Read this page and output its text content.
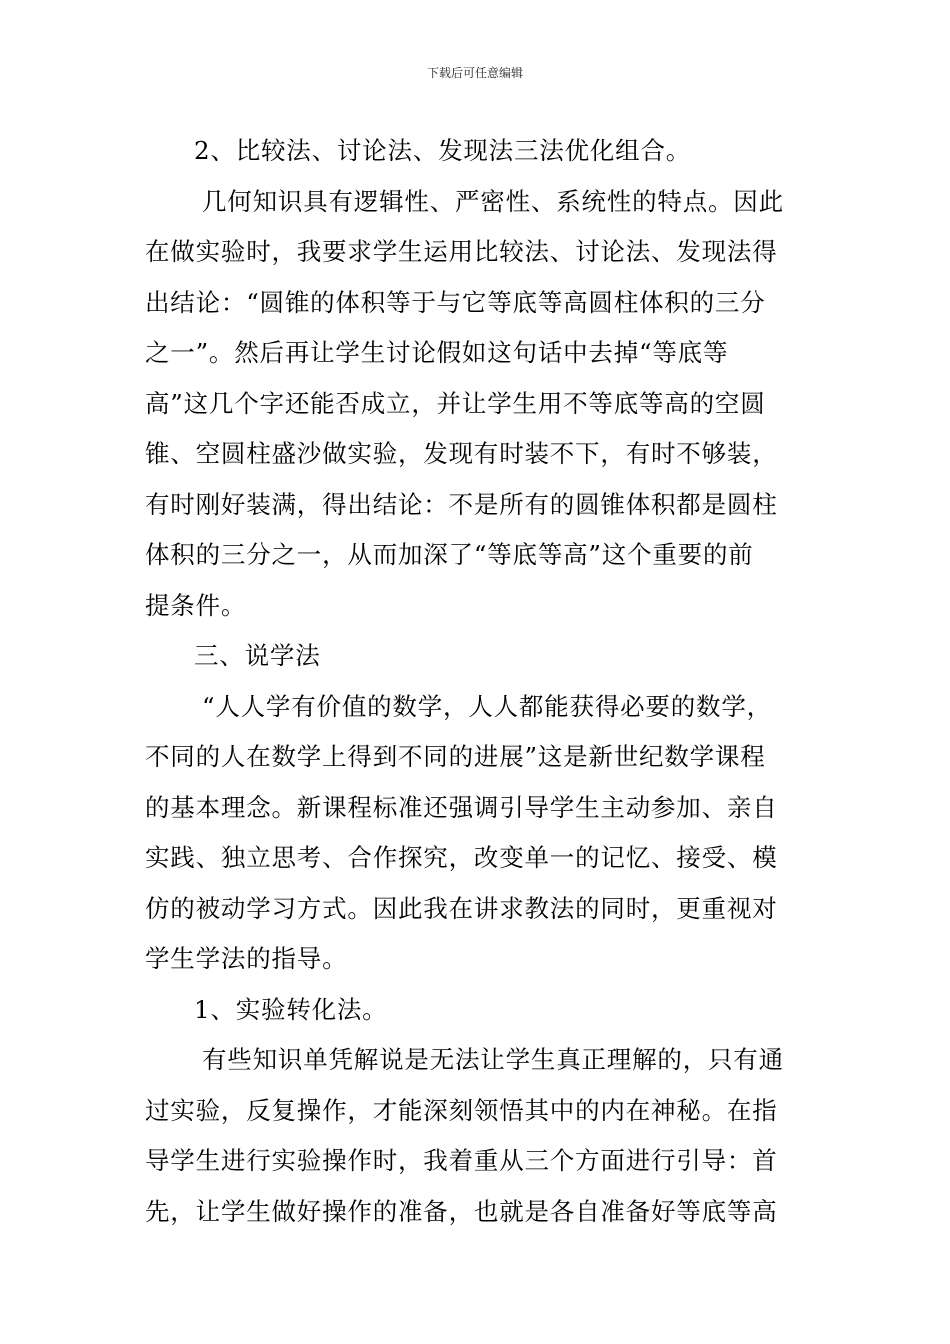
下载后可任意编辑
2、比较法、讨论法、发现法三法优化组合。
几何知识具有逻辑性、严密性、系统性的特点。因此
在做实验时，我要求学生运用比较法、讨论法、发现法得
出结论：“圆锥的体积等于与它等底等高圆柱体积的三分
之一”。然后再让学生讨论假如这句话中去掉“等底等
高”这几个字还能否成立，并让学生用不等底等高的空圆
锥、空圆柱盛沙做实验，发现有时装不下，有时不够装，
有时刚好装满，得出结论：不是所有的圆锥体积都是圆柱
体积的三分之一，从而加深了“等底等高”这个重要的前
提条件。
三、说学法
“人人学有价值的数学，人人都能获得必要的数学，
不同的人在数学上得到不同的进展”这是新世纪数学课程
的基本理念。新课程标准还强调引导学生主动参加、亲自
实践、独立思考、合作探究，改变单一的记忆、接受、模
仿的被动学习方式。因此我在讲求教法的同时，更重视对
学生学法的指导。
1、实验转化法。
有些知识单凭解说是无法让学生真正理解的，只有通
过实验，反复操作，才能深刻领悟其中的内在神秘。在指
导学生进行实验操作时，我着重从三个方面进行引导：首
先，让学生做好操作的准备，也就是各自准备好等底等高
